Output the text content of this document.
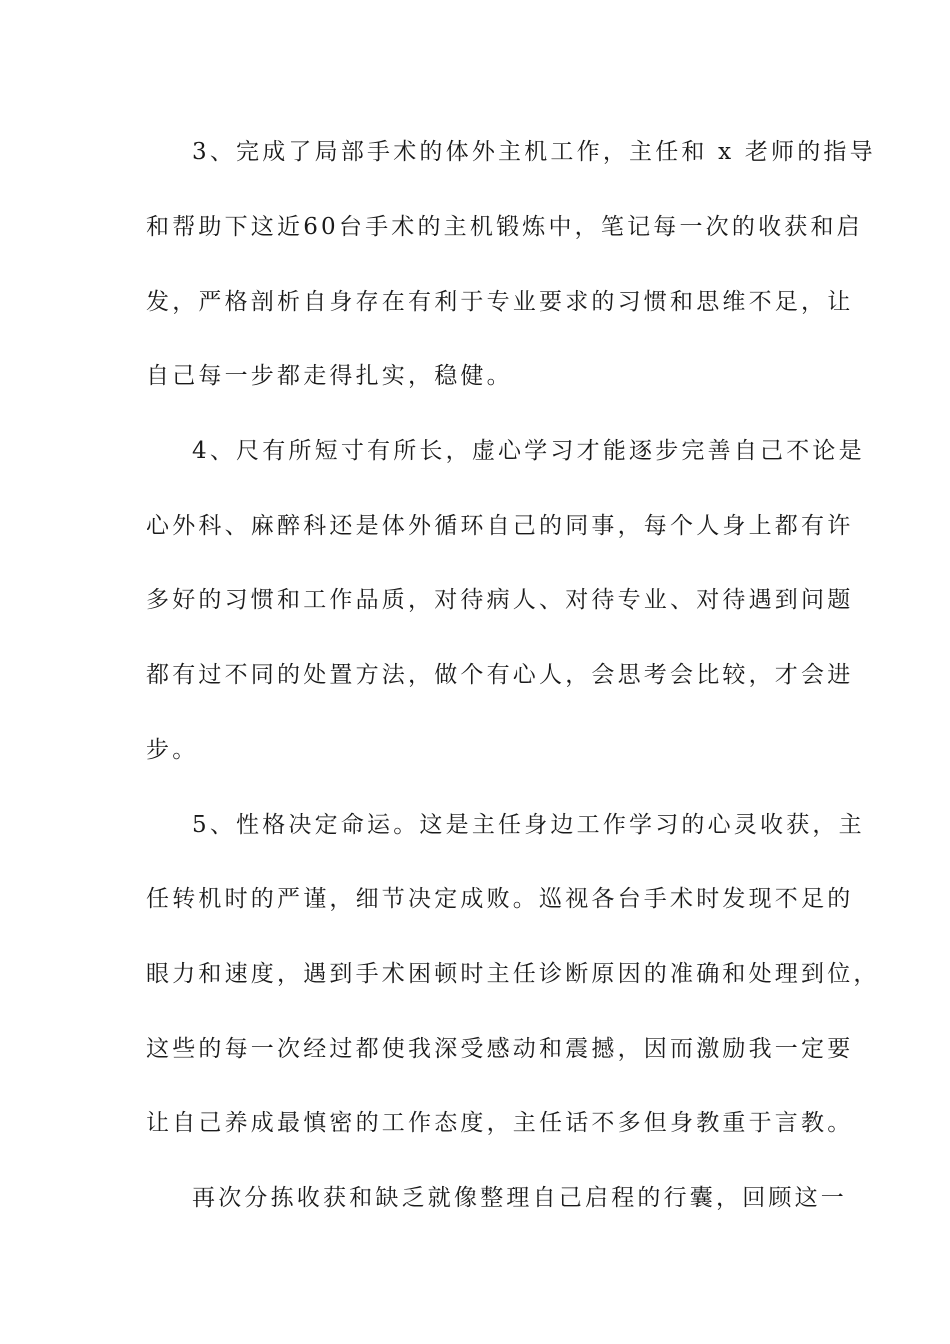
3、完成了局部手术的体外主机工作，主任和 x 老师的指导
和帮助下这近60台手术的主机锻炼中，笔记每一次的收获和启
发，严格剖析自身存在有利于专业要求的习惯和思维不足，让
自己每一步都走得扎实，稳健。
4、尺有所短寸有所长，虚心学习才能逐步完善自己不论是
心外科、麻醉科还是体外循环自己的同事，每个人身上都有许
多好的习惯和工作品质，对待病人、对待专业、对待遇到问题
都有过不同的处置方法，做个有心人，会思考会比较，才会进
步。
5、性格决定命运。这是主任身边工作学习的心灵收获，主
任转机时的严谨，细节决定成败。巡视各台手术时发现不足的
眼力和速度，遇到手术困顿时主任诊断原因的准确和处理到位，
这些的每一次经过都使我深受感动和震撼，因而激励我一定要
让自己养成最慎密的工作态度，主任话不多但身教重于言教。
再次分拣收获和缺乏就像整理自己启程的行囊，回顾这一
